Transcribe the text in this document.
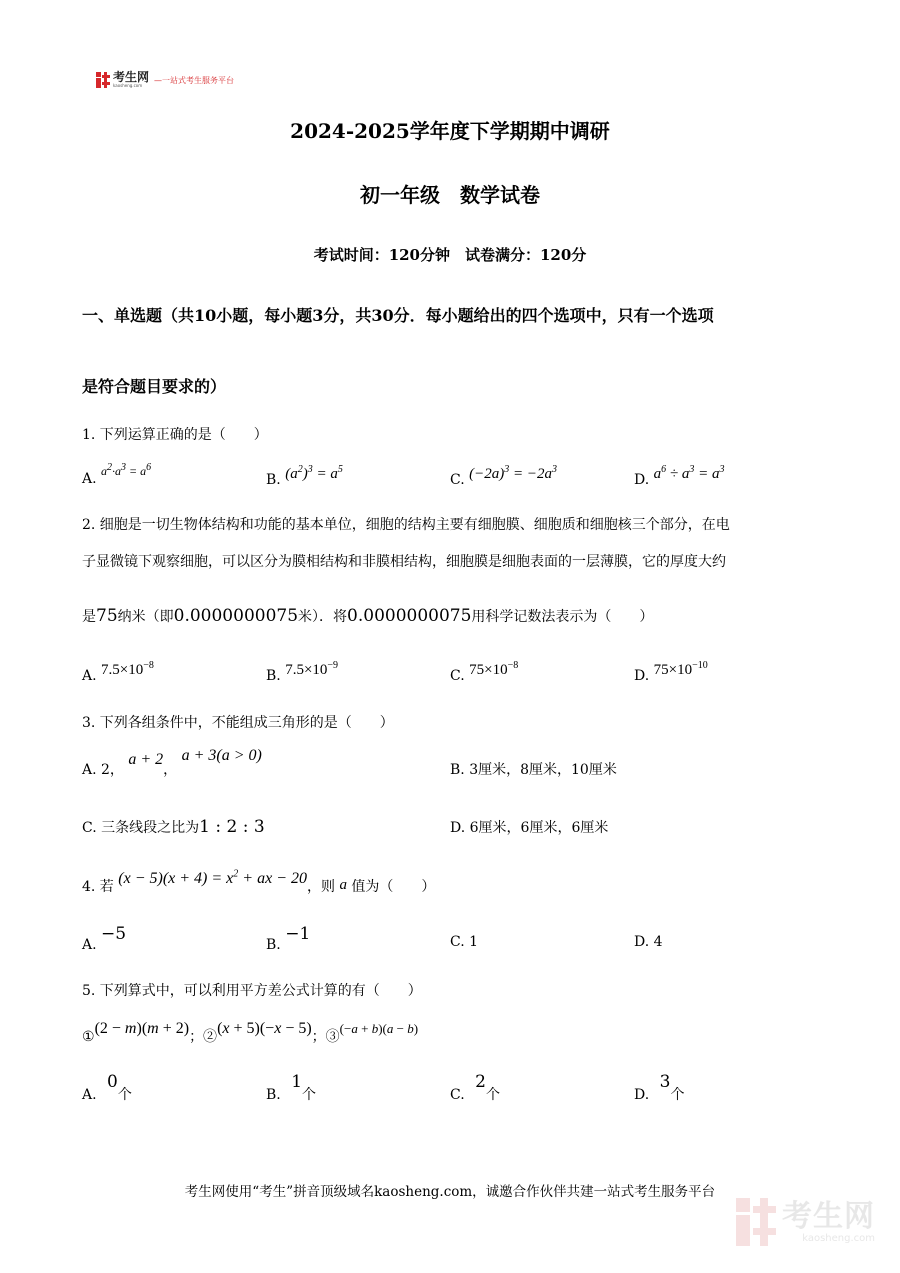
考生网
kaosheng.com
—一站式考生服务平台
2024-2025学年度下学期期中调研
初一年级　数学试卷
考试时间：120分钟　试卷满分：120分
一、单选题（共10小题，每小题3分，共30分．每小题给出的四个选项中，只有一个选项
是符合题目要求的）
1. 下列运算正确的是（　　）
A. $a^2\cdot a^3 = a^6$
B. $(a^2)^3 = a^5$
C. $(-2a)^3 = -2a^3$
D. $a^6 \div a^3 = a^3$
2. 细胞是一切生物体结构和功能的基本单位，细胞的结构主要有细胞膜、细胞质和细胞核三个部分，在电
子显微镜下观察细胞，可以区分为膜相结构和非膜相结构，细胞膜是细胞表面的一层薄膜，它的厚度大约
是75纳米（即0.0000000075米）．将0.0000000075用科学记数法表示为（　　）
A. $7.5\times 10^{-8}$
B. $7.5\times 10^{-9}$
C. $75\times 10^{-8}$
D. $75\times 10^{-10}$
3. 下列各组条件中，不能组成三角形的是（　　）
A. 2， a + 2， a + 3(a > 0)
B. 3厘米，8厘米，10厘米
C. 三条线段之比为1 : 2 : 3	D. 6厘米，6厘米，6厘米
4. 若 $(x - 5)(x + 4) = x^2$ + ax − 20，则 a 值为（　　）
A. −5
B. −1	C. 1	D. 4
5. 下列算式中，可以利用平方差公式计算的有（　　）
①(2 − m)(m + 2)；②(x + 5)(−x − 5)；③(−a + b)(a − b)
A. 0个	B. 1个	C. 2个	D. 3个
考生网使用“考生”拼音顶级域名kaosheng.com，诚邀合作伙伴共建一站式考生服务平台
考生网
kaosheng.com
